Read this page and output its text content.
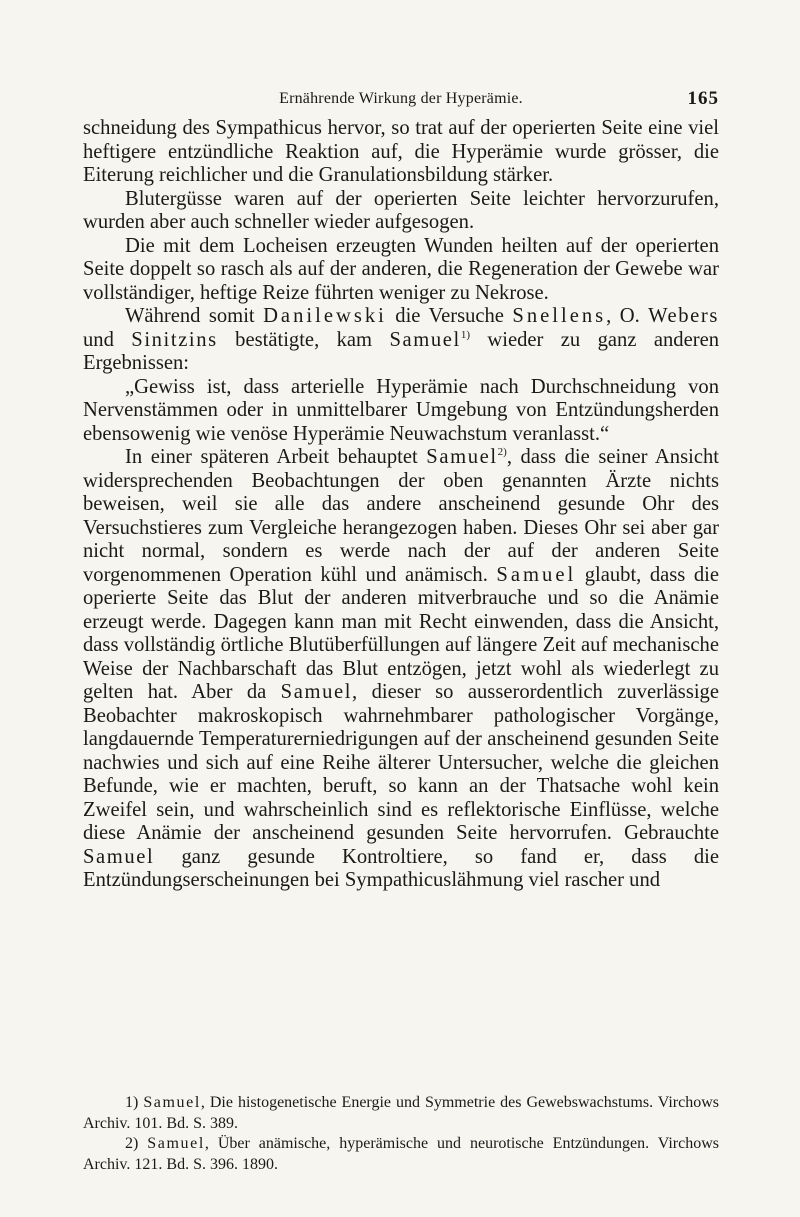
Ernährende Wirkung der Hyperämie.	165

schneidung des Sympathicus hervor, so trat auf der operierten Seite eine viel heftigere entzündliche Reaktion auf, die Hyperämie wurde grösser, die Eiterung reichlicher und die Granulationsbildung stärker.

Blutergüsse waren auf der operierten Seite leichter hervorzurufen, wurden aber auch schneller wieder aufgesogen.

Die mit dem Locheisen erzeugten Wunden heilten auf der operierten Seite doppelt so rasch als auf der anderen, die Regeneration der Gewebe war vollständiger, heftige Reize führten weniger zu Nekrose.

Während somit Danilewski die Versuche Snellens, O. Webers und Sinitzins bestätigte, kam Samuel$^{1)}$ wieder zu ganz anderen Ergebnissen:

„Gewiss ist, dass arterielle Hyperämie nach Durchschneidung von Nervenstämmen oder in unmittelbarer Umgebung von Entzündungsherden ebensowenig wie venöse Hyperämie Neuwachstum veranlasst.“

In einer späteren Arbeit behauptet Samuel$^{2)}$, dass die seiner Ansicht widersprechenden Beobachtungen der oben genannten Ärzte nichts beweisen, weil sie alle das andere anscheinend gesunde Ohr des Versuchstieres zum Vergleiche herangezogen haben. Dieses Ohr sei aber gar nicht normal, sondern es werde nach der auf der anderen Seite vorgenommenen Operation kühl und anämisch. Samuel glaubt, dass die operierte Seite das Blut der anderen mitverbrauche und so die Anämie erzeugt werde. Dagegen kann man mit Recht einwenden, dass die Ansicht, dass vollständig örtliche Blutüberfüllungen auf längere Zeit auf mechanische Weise der Nachbarschaft das Blut entzögen, jetzt wohl als wiederlegt zu gelten hat. Aber da Samuel, dieser so ausserordentlich zuverlässige Beobachter makroskopisch wahrnehmbarer pathologischer Vorgänge, langdauernde Temperaturerniedrigungen auf der anscheinend gesunden Seite nachwies und sich auf eine Reihe älterer Untersucher, welche die gleichen Befunde, wie er machten, beruft, so kann an der Thatsache wohl kein Zweifel sein, und wahrscheinlich sind es reflektorische Einflüsse, welche diese Anämie der anscheinend gesunden Seite hervorrufen. Gebrauchte Samuel ganz gesunde Kontroltiere, so fand er, dass die Entzündungserscheinungen bei Sympathicuslähmung viel rascher und

1) Samuel, Die histogenetische Energie und Symmetrie des Gewebswachstums. Virchows Archiv. 101. Bd. S. 389.

2) Samuel, Über anämische, hyperämische und neurotische Entzündungen. Virchows Archiv. 121. Bd. S. 396. 1890.
